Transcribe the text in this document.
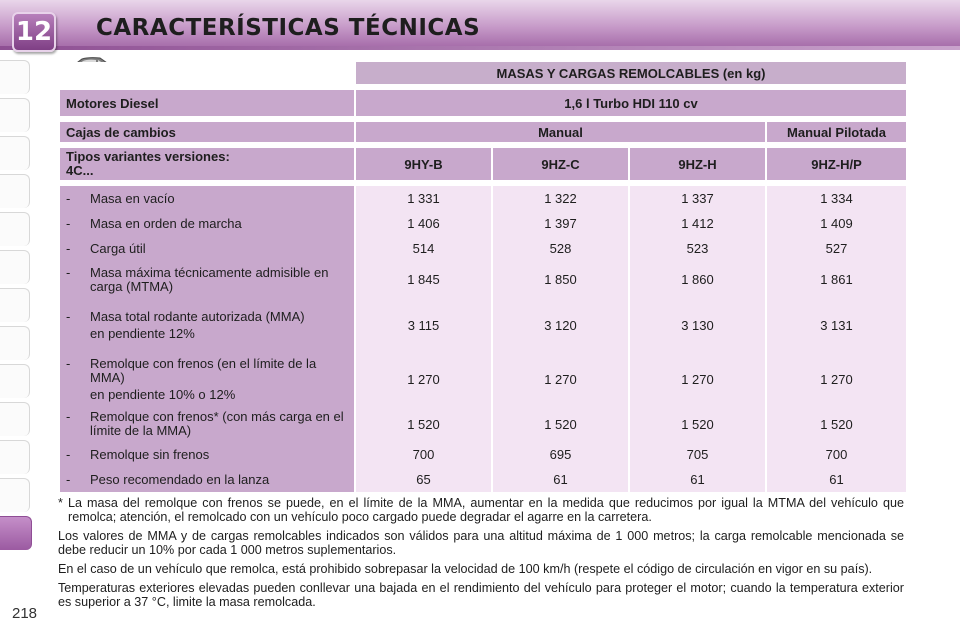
12 CARACTERÍSTICAS TÉCNICAS
	MASAS Y CARGAS REMOLCABLES (en kg)			

Motores Diesel	1,6 l Turbo HDI 110 cv			

Cajas de cambios	Manual			Manual Pilotada

Tipos variantes versiones:
4C...	9HY-B	9HZ-C	9HZ-H	9HZ-H/P

- Masa en vacío	1 331	1 322	1 337	1 334

- Masa en orden de marcha	1 406	1 397	1 412	1 409

- Carga útil	514	528	523	527

- Masa máxima técnicamente admisible en carga (MTMA)	1 845	1 850	1 860	1 861

- Masa total rodante autorizada (MMA)
en pendiente 12%	3 115	3 120	3 130	3 131

- Remolque con frenos (en el límite de la MMA)
en pendiente 10% o 12%	1 270	1 270	1 270	1 270

- Remolque con frenos* (con más carga en el límite de la MMA)	1 520	1 520	1 520	1 520

- Remolque sin frenos	700	695	705	700

- Peso recomendado en la lanza	65	61	61	61

* La masa del remolque con frenos se puede, en el límite de la MMA, aumentar en la medida que reducimos por igual la MTMA del vehículo que remolca; atención, el remolcado con un vehículo poco cargado puede degradar el agarre en la carretera.

Los valores de MMA y de cargas remolcables indicados son válidos para una altitud máxima de 1 000 metros; la carga remolcable mencionada se debe reducir un 10% por cada 1 000 metros suplementarios.

En el caso de un vehículo que remolca, está prohibido sobrepasar la velocidad de 100 km/h (respete el código de circulación en vigor en su país).

Temperaturas exteriores elevadas pueden conllevar una bajada en el rendimiento del vehículo para proteger el motor; cuando la temperatura exterior es superior a 37 °C, limite la masa remolcada.

218
